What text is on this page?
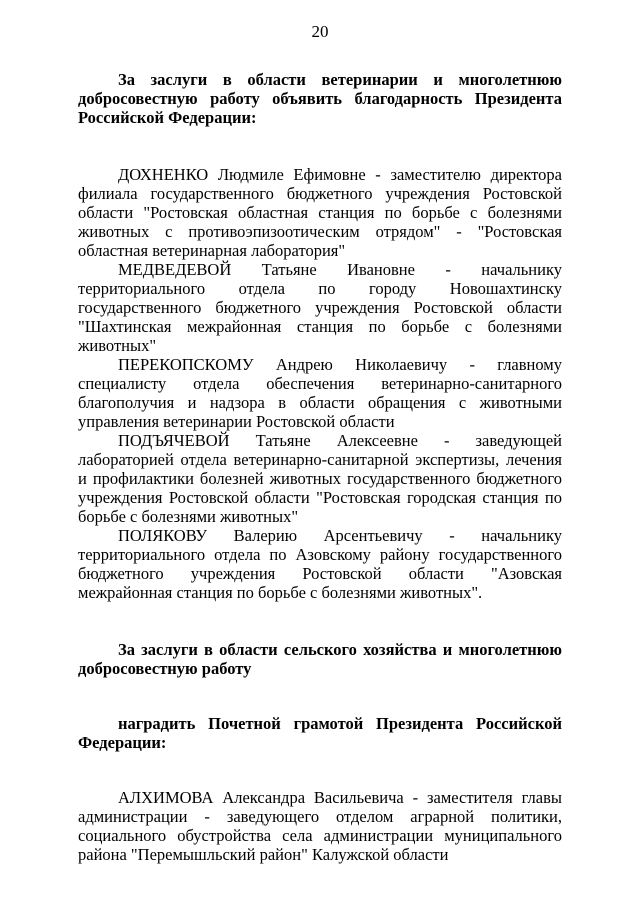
20

За заслуги в области ветеринарии и многолетнюю добросовестную работу объявить благодарность Президента Российской Федерации:

ДОХНЕНКО Людмиле Ефимовне - заместителю директора филиала государственного бюджетного учреждения Ростовской области "Ростовская областная станция по борьбе с болезнями животных с противоэпизоотическим отрядом" - "Ростовская областная ветеринарная лаборатория"

МЕДВЕДЕВОЙ Татьяне Ивановне - начальнику территориального отдела по городу Новошахтинску государственного бюджетного учреждения Ростовской области "Шахтинская межрайонная станция по борьбе с болезнями животных"

ПЕРЕКОПСКОМУ Андрею Николаевичу - главному специалисту отдела обеспечения ветеринарно-санитарного благополучия и надзора в области обращения с животными управления ветеринарии Ростовской области

ПОДЪЯЧЕВОЙ Татьяне Алексеевне - заведующей лабораторией отдела ветеринарно-санитарной экспертизы, лечения и профилактики болезней животных государственного бюджетного учреждения Ростовской области "Ростовская городская станция по борьбе с болезнями животных"

ПОЛЯКОВУ Валерию Арсентьевичу - начальнику территориального отдела по Азовскому району государственного бюджетного учреждения Ростовской области "Азовская межрайонная станция по борьбе с болезнями животных".

За заслуги в области сельского хозяйства и многолетнюю добросовестную работу

наградить Почетной грамотой Президента Российской Федерации:

АЛХИМОВА Александра Васильевича - заместителя главы администрации - заведующего отделом аграрной политики, социального обустройства села администрации муниципального района "Перемышльский район" Калужской области
